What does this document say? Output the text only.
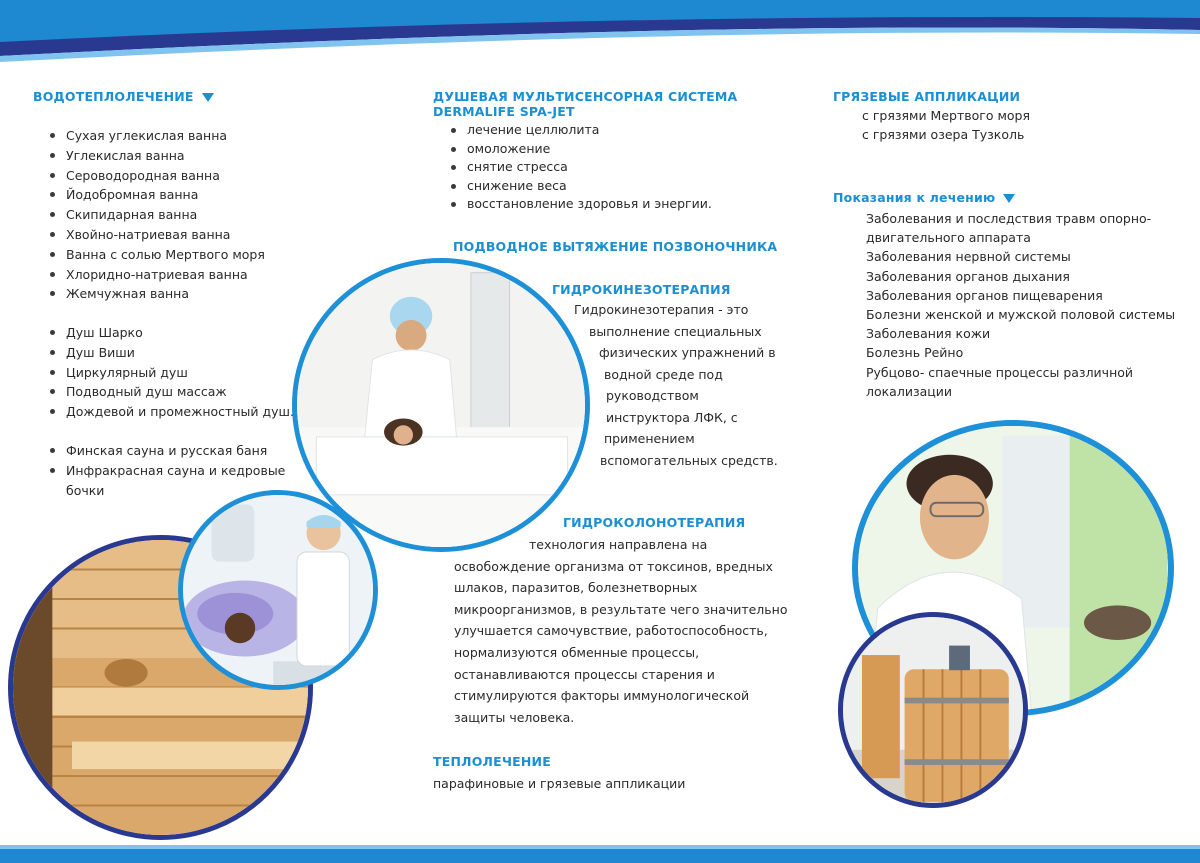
ВОДОТЕПЛОЛЕЧЕНИЕ
Сухая углекислая ванна
Углекислая ванна
Сероводородная ванна
Йодобромная ванна
Скипидарная ванна
Хвойно-натриевая ванна
Ванна с солью Мертвого моря
Хлоридно-натриевая ванна
Жемчужная ванна
Душ Шарко
Душ Виши
Циркулярный душ
Подводный душ массаж
Дождевой и промежностный душ.
Финская сауна и русская баня
Инфракрасная сауна и кедровые
бочки
ДУШЕВАЯ МУЛЬТИСЕНСОРНАЯ СИСТЕМА
DERMALIFE SPA-JET
лечение целлюлита
омоложение
снятие стресса
снижение веса
восстановление здоровья и энергии.
ПОДВОДНОЕ ВЫТЯЖЕНИЕ ПОЗВОНОЧНИКА
ГИДРОКИНЕЗОТЕРАПИЯ
Гидрокинезотерапия - это
выполнение специальных
физических упражнений в
водной среде под
руководством
инструктора ЛФК, с
применением
вспомогательных средств.
ГИДРОКОЛОНОТЕРАПИЯ
технология направлена на
освобождение организма от токсинов, вредных
шлаков, паразитов, болезнетворных
микроорганизмов, в результате чего значительно
улучшается самочувствие, работоспособность,
нормализуются обменные процессы,
останавливаются процессы старения и
стимулируются факторы иммунологической
защиты человека.
ТЕПЛОЛЕЧЕНИЕ
парафиновые и грязевые аппликации
ГРЯЗЕВЫЕ АППЛИКАЦИИ
с грязями Мертвого моря
с грязями озера Тузколь
Показания к лечению
Заболевания и последствия травм опорно-
двигательного аппарата
Заболевания нервной системы
Заболевания органов дыхания
Заболевания органов пищеварения
Болезни женской и мужской половой системы
Заболевания кожи
Болезнь Рейно
Рубцово- спаечные процессы различной
локализации
